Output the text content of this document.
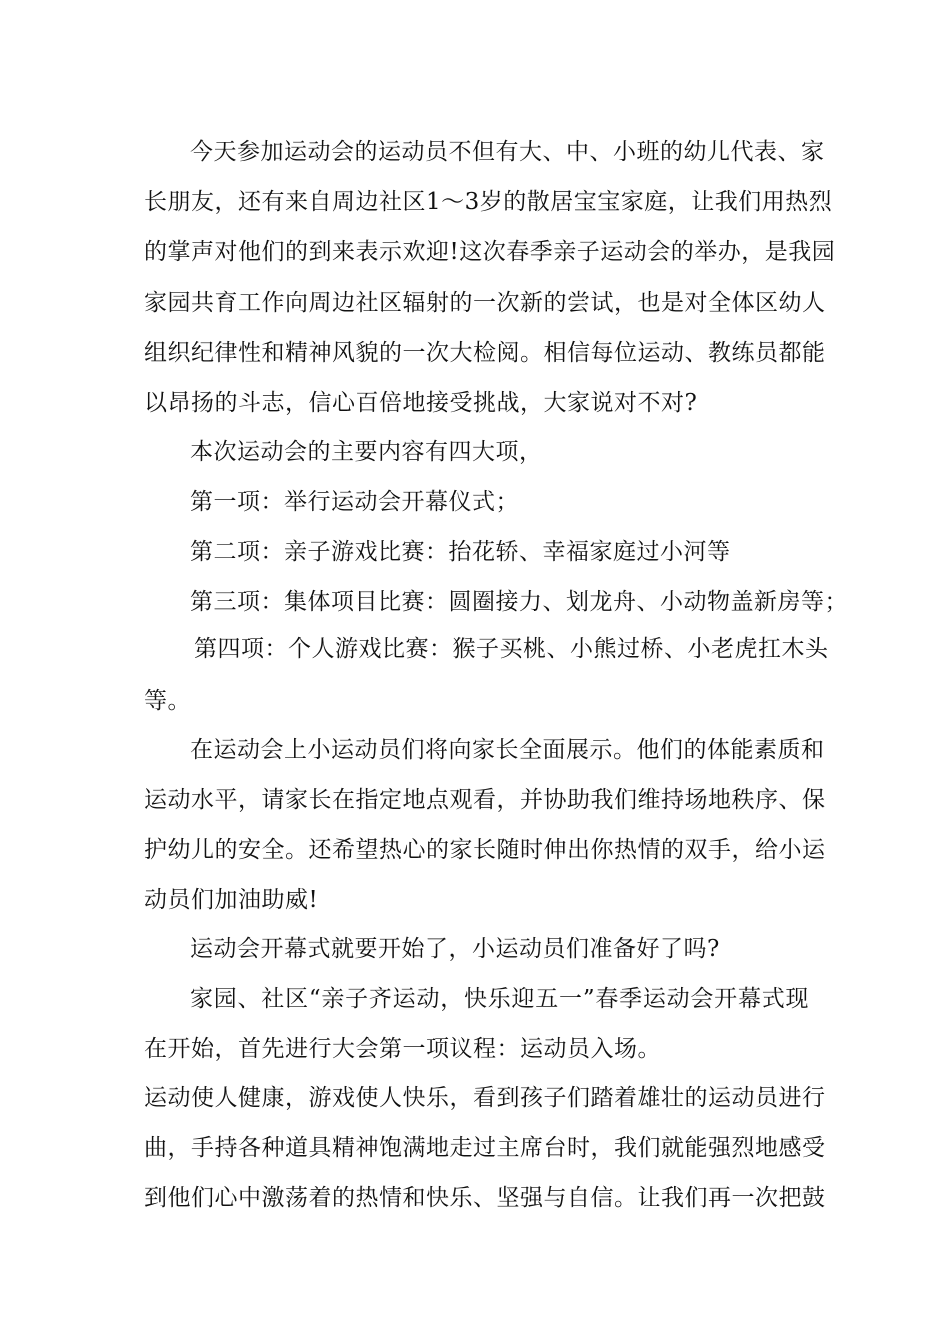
今天参加运动会的运动员不但有大、中、小班的幼儿代表、家
长朋友，还有来自周边社区1～3岁的散居宝宝家庭，让我们用热烈
的掌声对他们的到来表示欢迎!这次春季亲子运动会的举办，是我园
家园共育工作向周边社区辐射的一次新的尝试，也是对全体区幼人
组织纪律性和精神风貌的一次大检阅。相信每位运动、教练员都能
以昂扬的斗志，信心百倍地接受挑战，大家说对不对?
本次运动会的主要内容有四大项，
第一项：举行运动会开幕仪式；
第二项：亲子游戏比赛：抬花轿、幸福家庭过小河等
第三项：集体项目比赛：圆圈接力、划龙舟、小动物盖新房等；
第四项：个人游戏比赛：猴子买桃、小熊过桥、小老虎扛木头
等。
在运动会上小运动员们将向家长全面展示。他们的体能素质和
运动水平，请家长在指定地点观看，并协助我们维持场地秩序、保
护幼儿的安全。还希望热心的家长随时伸出你热情的双手，给小运
动员们加油助威!
运动会开幕式就要开始了，小运动员们准备好了吗?
家园、社区“亲子齐运动，快乐迎五一”春季运动会开幕式现
在开始，首先进行大会第一项议程：运动员入场。
运动使人健康，游戏使人快乐，看到孩子们踏着雄壮的运动员进行
曲，手持各种道具精神饱满地走过主席台时，我们就能强烈地感受
到他们心中激荡着的热情和快乐、坚强与自信。让我们再一次把鼓
